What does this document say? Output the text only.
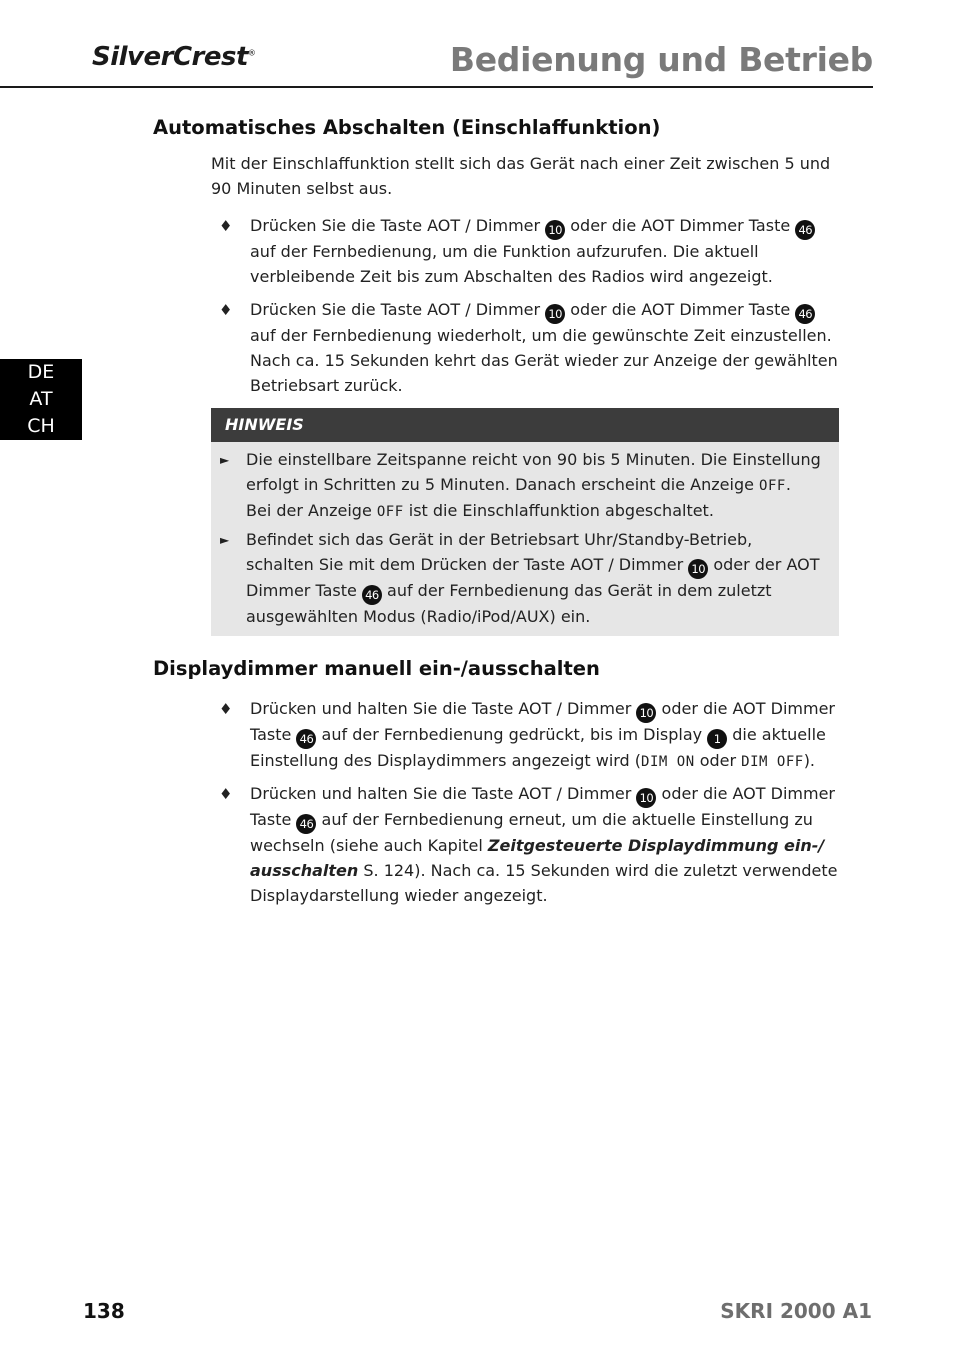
SilverCrest®	Bedienung und Betrieb
DE
AT
CH
Automatisches Abschalten (Einschlaffunktion)
Mit der Einschlaffunktion stellt sich das Gerät nach einer Zeit zwischen 5 und 90 Minuten selbst aus.
♦ Drücken Sie die Taste AOT / Dimmer 10 oder die AOT Dimmer Taste 46 auf der Fernbedienung, um die Funktion aufzurufen. Die aktuell verbleibende Zeit bis zum Abschalten des Radios wird angezeigt.
♦ Drücken Sie die Taste AOT / Dimmer 10 oder die AOT Dimmer Taste 46 auf der Fernbedienung wiederholt, um die gewünschte Zeit einzustellen. Nach ca. 15 Sekunden kehrt das Gerät wieder zur Anzeige der gewählten Betriebsart zurück.
HINWEIS
► Die einstellbare Zeitspanne reicht von 90 bis 5 Minuten. Die Einstellung erfolgt in Schritten zu 5 Minuten. Danach erscheint die Anzeige OFF. Bei der Anzeige OFF ist die Einschlaffunktion abgeschaltet.
► Befindet sich das Gerät in der Betriebsart Uhr/Standby-Betrieb, schalten Sie mit dem Drücken der Taste AOT / Dimmer 10 oder der AOT Dimmer Taste 46 auf der Fernbedienung das Gerät in dem zuletzt ausgewählten Modus (Radio/iPod/AUX) ein.
Displaydimmer manuell ein-/ausschalten
♦ Drücken und halten Sie die Taste AOT / Dimmer 10 oder die AOT Dimmer Taste 46 auf der Fernbedienung gedrückt, bis im Display 1 die aktuelle Einstellung des Displaydimmers angezeigt wird (DIM ON oder DIM OFF).
♦ Drücken und halten Sie die Taste AOT / Dimmer 10 oder die AOT Dimmer Taste 46 auf der Fernbedienung erneut, um die aktuelle Einstellung zu wechseln (siehe auch Kapitel Zeitgesteuerte Displaydimmung ein-/ ausschalten S. 124). Nach ca. 15 Sekunden wird die zuletzt verwendete Displaydarstellung wieder angezeigt.
138	SKRI 2000 A1
